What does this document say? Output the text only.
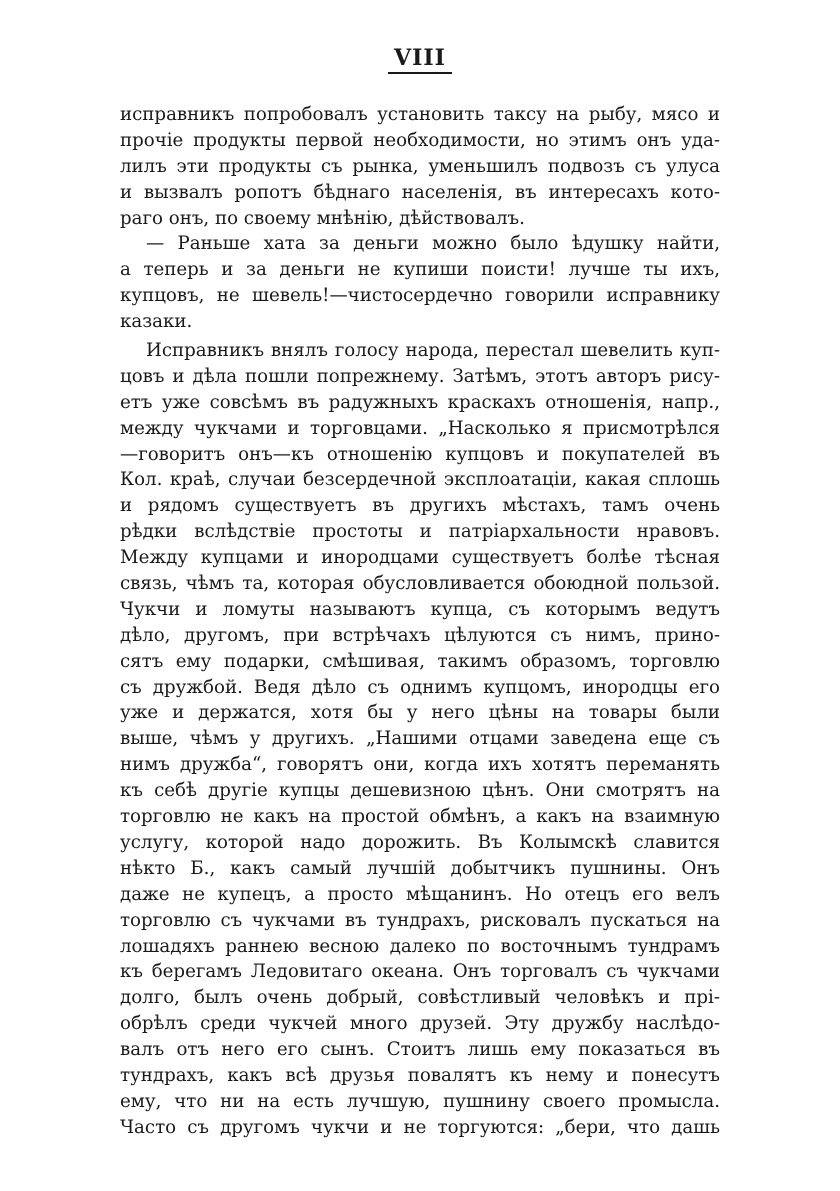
VIII
исправникъ попробовалъ установить таксу на рыбу, мясо и
прочіе продукты первой необходимости, но этимъ онъ уда-
лилъ эти продукты съ рынка, уменьшилъ подвозъ съ улуса
и вызвалъ ропотъ бѣднаго населенія, въ интересахъ кото-
раго онъ, по своему мнѣнію, дѣйствовалъ.
— Раньше хата за деньги можно было ѣдушку найти,
а теперь и за деньги не купиши поисти! лучше ты ихъ,
купцовъ, не шевель!—чистосердечно говорили исправнику
казаки.
Исправникъ внялъ голосу народа, перестал шевелить куп-
цовъ и дѣла пошли попрежнему. Затѣмъ, этотъ авторъ рису-
етъ уже совсѣмъ въ радужныхъ краскахъ отношенія, напр.,
между чукчами и торговцами. „Насколько я присмотрѣлся
—говоритъ онъ—къ отношенію купцовъ и покупателей въ
Кол. краѣ, случаи безсердечной эксплоатаціи, какая сплошь
и рядомъ существуетъ въ другихъ мѣстахъ, тамъ очень
рѣдки вслѣдствіе простоты и патріархальности нравовъ.
Между купцами и инородцами существуетъ болѣе тѣсная
связь, чѣмъ та, которая обусловливается обоюдной пользой.
Чукчи и ломуты называютъ купца, съ которымъ ведутъ
дѣло, другомъ, при встрѣчахъ цѣлуются съ нимъ, прино-
сятъ ему подарки, смѣшивая, такимъ образомъ, торговлю
съ дружбой. Ведя дѣло съ однимъ купцомъ, инородцы его
уже и держатся, хотя бы у него цѣны на товары были
выше, чѣмъ у другихъ. „Нашими отцами заведена еще съ
нимъ дружба“, говорятъ они, когда ихъ хотятъ переманять
къ себѣ другіе купцы дешевизною цѣнъ. Они смотрятъ на
торговлю не какъ на простой обмѣнъ, а какъ на взаимную
услугу, которой надо дорожить. Въ Колымскѣ славится
нѣкто Б., какъ самый лучшій добытчикъ пушнины. Онъ
даже не купецъ, а просто мѣщанинъ. Но отецъ его велъ
торговлю съ чукчами въ тундрахъ, рисковалъ пускаться на
лошадяхъ раннею весною далеко по восточнымъ тундрамъ
къ берегамъ Ледовитаго океана. Онъ торговалъ съ чукчами
долго, былъ очень добрый, совѣстливый человѣкъ и прі-
обрѣлъ среди чукчей много друзей. Эту дружбу наслѣдо-
валъ отъ него его сынъ. Стоитъ лишь ему показаться въ
тундрахъ, какъ всѣ друзья повалятъ къ нему и понесутъ
ему, что ни на есть лучшую, пушнину своего промысла.
Часто съ другомъ чукчи и не торгуются: „бери, что дашь
